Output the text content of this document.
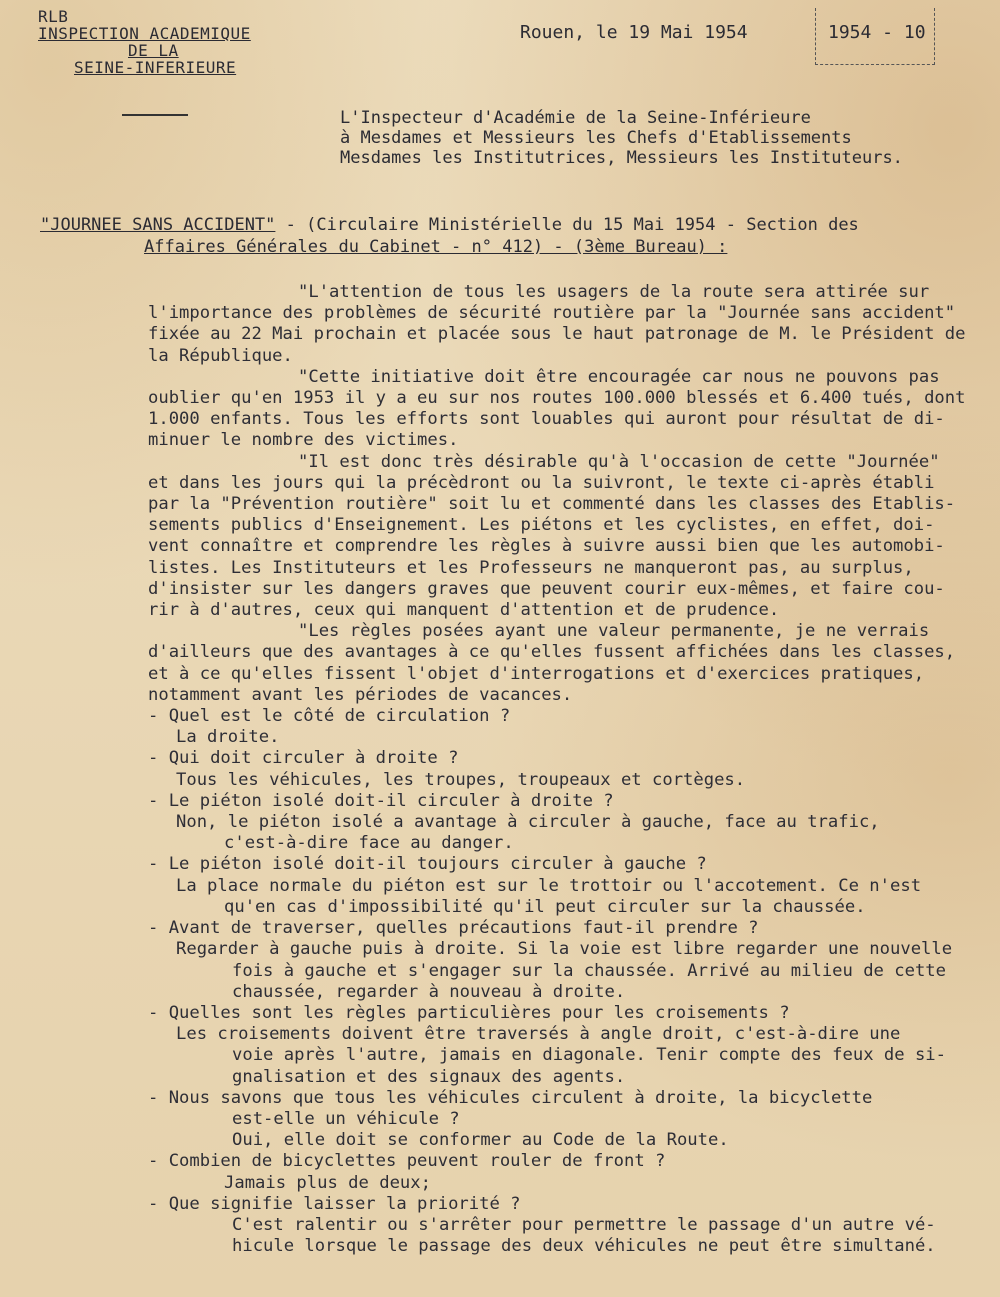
RLB
INSPECTION ACADEMIQUE
DE LA
SEINE-INFERIEURE
Rouen, le 19 Mai 1954	1954 - 10
L'Inspecteur d'Académie de la Seine-Inférieure
à Mesdames et Messieurs les Chefs d'Etablissements
Mesdames les Institutrices, Messieurs les Instituteurs.
"JOURNEE SANS ACCIDENT" - (Circulaire Ministérielle du 15 Mai 1954 - Section des
Affaires Générales du Cabinet - n° 412) - (3ème Bureau) :
"L'attention de tous les usagers de la route sera attirée sur
l'importance des problèmes de sécurité routière par la "Journée sans accident"
fixée au 22 Mai prochain et placée sous le haut patronage de M. le Président de
la République.
"Cette initiative doit être encouragée car nous ne pouvons pas
oublier qu'en 1953 il y a eu sur nos routes 100.000 blessés et 6.400 tués, dont
1.000 enfants. Tous les efforts sont louables qui auront pour résultat de di-
minuer le nombre des victimes.
"Il est donc très désirable qu'à l'occasion de cette "Journée"
et dans les jours qui la précèdront ou la suivront, le texte ci-après établi
par la "Prévention routière" soit lu et commenté dans les classes des Etablis-
sements publics d'Enseignement. Les piétons et les cyclistes, en effet, doi-
vent connaître et comprendre les règles à suivre aussi bien que les automobi-
listes. Les Instituteurs et les Professeurs ne manqueront pas, au surplus,
d'insister sur les dangers graves que peuvent courir eux-mêmes, et faire cou-
rir à d'autres, ceux qui manquent d'attention et de prudence.
"Les règles posées ayant une valeur permanente, je ne verrais
d'ailleurs que des avantages à ce qu'elles fussent affichées dans les classes,
et à ce qu'elles fissent l'objet d'interrogations et d'exercices pratiques,
notamment avant les périodes de vacances.
- Quel est le côté de circulation ?
La droite.
- Qui doit circuler à droite ?
Tous les véhicules, les troupes, troupeaux et cortèges.
- Le piéton isolé doit-il circuler à droite ?
Non, le piéton isolé a avantage à circuler à gauche, face au trafic,
c'est-à-dire face au danger.
- Le piéton isolé doit-il toujours circuler à gauche ?
La place normale du piéton est sur le trottoir ou l'accotement. Ce n'est
qu'en cas d'impossibilité qu'il peut circuler sur la chaussée.
- Avant de traverser, quelles précautions faut-il prendre ?
Regarder à gauche puis à droite. Si la voie est libre regarder une nouvelle
fois à gauche et s'engager sur la chaussée. Arrivé au milieu de cette
chaussée, regarder à nouveau à droite.
- Quelles sont les règles particulières pour les croisements ?
Les croisements doivent être traversés à angle droit, c'est-à-dire une
voie après l'autre, jamais en diagonale. Tenir compte des feux de si-
gnalisation et des signaux des agents.
- Nous savons que tous les véhicules circulent à droite, la bicyclette
est-elle un véhicule ?
Oui, elle doit se conformer au Code de la Route.
- Combien de bicyclettes peuvent rouler de front ?
Jamais plus de deux;
- Que signifie laisser la priorité ?
C'est ralentir ou s'arrêter pour permettre le passage d'un autre vé-
hicule lorsque le passage des deux véhicules ne peut être simultané.
